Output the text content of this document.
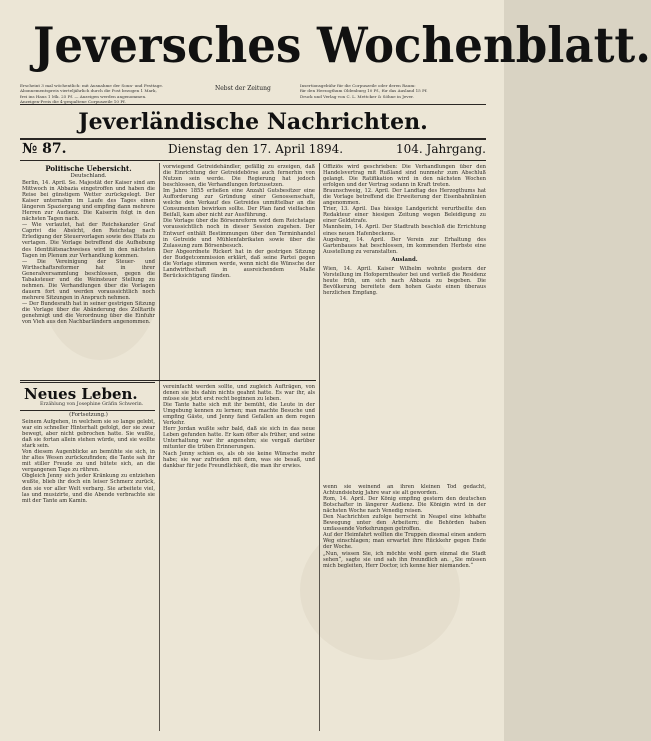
Jeversches Wochenblatt.
Erscheint 3 mal wöchentlich: mit Ausnahme der Sonn- und Festtage.
Abonnementspreis vierteljährlich durch die Post bezogen 1 Mark,
frei ins Haus 1 Mk. 25 Pf. — Anzeigen werden angenommen.
Anzeigen-Preis die 4-gespaltene Corpuszeile 10 Pf.
Nebst der Zeitung	Insertionsgebühr für die Corpuszeile oder deren Raum:
für den Herzogthum Oldenburg 10 Pf., für das Ausland 15 Pf.
Druck und Verlag von C. L. Mettcker & Söhne in Jever.
Jeverländische Nachrichten.
№ 87.	Dienstag den 17. April 1894.	104. Jahrgang.
Politische Uebersicht.
Deutschland.

Berlin, 14. April. Se. Majestät der Kaiser sind am Mittwoch in Abbazia eingetroffen und haben die Reise bei günstigem Wetter zurückgelegt. Der Kaiser unternahm im Laufe des Tages einen längeren Spaziergang und empfing dann mehrere Herren zur Audienz. Die Kaiserin folgt in den nächsten Tagen nach.

— Wie verlautet, hat der Reichskanzler Graf Caprivi die Absicht, den Reichstag nach Erledigung der Steuervorlagen sowie des Etats zu vertagen. Die Vorlage betreffend die Aufhebung des Identitätsnachweises wird in den nächsten Tagen im Plenum zur Verhandlung kommen.

— Die Vereinigung der Steuer- und Wirthschaftsreformer hat in ihrer Generalversammlung beschlossen, gegen die Tabaksteuer und die Weinsteuer Stellung zu nehmen. Die Verhandlungen über die Vorlagen dauern fort und werden voraussichtlich noch mehrere Sitzungen in Anspruch nehmen.

— Der Bundesrath hat in seiner gestrigen Sitzung die Vorlage über die Abänderung des Zolltarifs genehmigt und die Verordnung über die Einfuhr von Vieh aus den Nachbarländern angenommen.

vorwiegend Getreidehändler, gefällig zu erzeigen, daß die Einrichtung der Getreidebörse auch fernerhin von Nutzen sein werde. Die Regierung hat jedoch beschlossen, die Verhandlungen fortzusetzen.

Im Jahre 1855 erließen eine Anzahl Gutsbesitzer eine Aufforderung zur Gründung einer Genossenschaft, welche den Verkauf des Getreides unmittelbar an die Consumenten bewirken sollte. Der Plan fand vielfachen Beifall, kam aber nicht zur Ausführung.

Die Vorlage über die Börsenreform wird dem Reichstage voraussichtlich noch in dieser Session zugehen. Der Entwurf enthält Bestimmungen über den Terminhandel in Getreide und Mühlenfabrikaten sowie über die Zulassung zum Börsenbesuch.

Der Abgeordnete Rickert hat in der gestrigen Sitzung der Budgetcommission erklärt, daß seine Partei gegen die Vorlage stimmen werde, wenn nicht die Wünsche der Landwirthschaft in ausreichendem Maße Berücksichtigung fänden.

Offiziös wird geschrieben: Die Verhandlungen über den Handelsvertrag mit Rußland sind nunmehr zum Abschluß gelangt. Die Ratifikation wird in den nächsten Wochen erfolgen und der Vertrag sodann in Kraft treten.

Braunschweig, 12. April. Der Landtag des Herzogthums hat die Vorlage betreffend die Erweiterung der Eisenbahnlinien angenommen.

Trier, 13. April. Das hiesige Landgericht verurtheilte den Redakteur einer hiesigen Zeitung wegen Beleidigung zu einer Geldstrafe.

Mannheim, 14. April. Der Stadtrath beschloß die Errichtung eines neuen Hafenbeckens.

Augsburg, 14. April. Der Verein zur Erhaltung des Gartenbaues hat beschlossen, im kommenden Herbste eine Ausstellung zu veranstalten.

Ausland.

Wien, 14. April. Kaiser Wilhelm wohnte gestern der Vorstellung im Hofoperntheater bei und verließ die Residenz heute früh, um sich nach Abbazia zu begeben. Die Bevölkerung bereitete dem hohen Gaste einen überaus herzlichen Empfang.

Neues Leben.
Erzählung von Josephine Gräfin Schwerin.
(Fortsetzung.)

Seinem Aufgehen, in welchem sie so lange gelebt, war ein schneller Hinterhalt gefolgt, der sie zwar bewegt, aber nicht gebrochen hatte. Sie wußte, daß sie fortan allein stehen würde, und sie wollte stark sein.

Von diesem Augenblicke an bemühte sie sich, in ihr altes Wesen zurückzufinden; die Tante sah ihr mit stiller Freude zu und hütete sich, an die vergangenen Tage zu rühren.

Obgleich Jenny sich jeder Kränkung zu entziehen wußte, blieb ihr doch ein leiser Schmerz zurück, den sie vor aller Welt verbarg. Sie arbeitete viel, las und musizirte, und die Abende verbrachte sie mit der Tante am Kamin.

vereinfacht werden sollte, und zugleich Aufträgen, von denen sie bis dahin nichts geahnt hatte. Es war ihr, als müsse sie jetzt erst recht beginnen zu leben.

Die Tante hatte sich mit ihr bemüht, die Leute in der Umgebung kennen zu lernen; man machte Besuche und empfing Gäste, und Jenny fand Gefallen an dem regen Verkehr.

Herr Jordan wußte sehr bald, daß sie sich in das neue Leben gefunden hatte. Er kam öfter als früher, und seine Unterhaltung war ihr angenehm; sie vergaß darüber mitunter die trüben Erinnerungen.

Nach Jenny schien es, als ob sie keine Wünsche mehr habe; sie war zufrieden mit dem, was sie besaß, und dankbar für jede Freundlichkeit, die man ihr erwies.

wenn sie weinend an ihren kleinen Tod gedacht, Achtundsiebzig Jahre war sie alt geworden.

Rom, 14. April. Der König empfing gestern den deutschen Botschafter in längerer Audienz. Die Königin wird in der nächsten Woche nach Venedig reisen.

Den Nachrichten zufolge herrscht in Neapel eine lebhafte Bewegung unter den Arbeitern; die Behörden haben umfassende Vorkehrungen getroffen.

Auf der Heimfahrt wollten die Truppen diesmal einen andern Weg einschlagen; man erwartet ihre Rückkehr gegen Ende der Woche.

„Nun, wissen Sie, ich möchte wohl gern einmal die Stadt sehen“, sagte sie und sah ihn freundlich an. „Sie müssen mich begleiten, Herr Doctor, ich kenne hier niemanden.“
